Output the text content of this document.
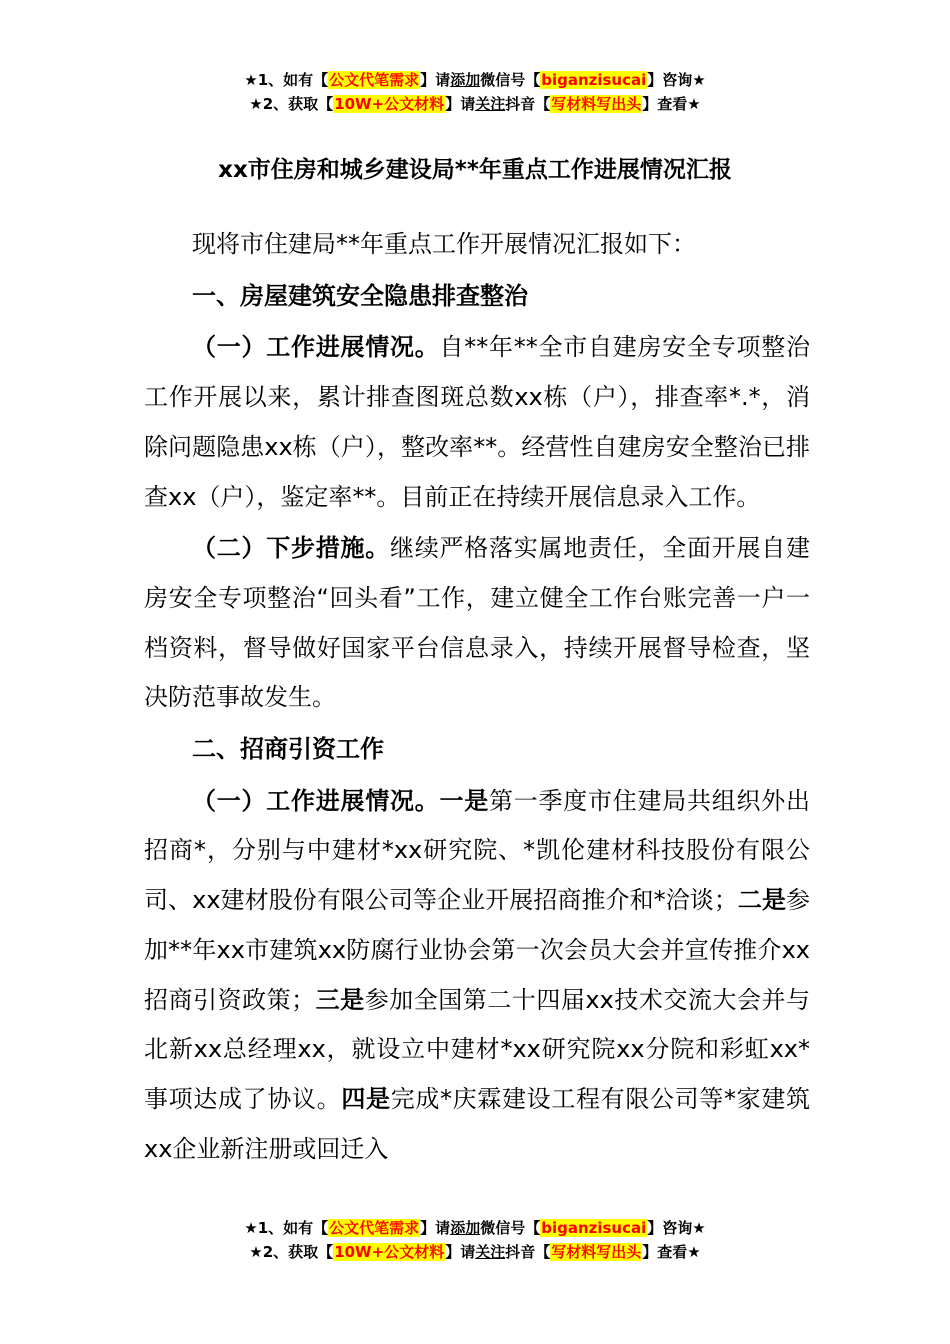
★1、如有【公文代笔需求】请添加微信号【biganzisucai】咨询★
★2、获取【10W+公文材料】请关注抖音【写材料写出头】查看★
xx市住房和城乡建设局**年重点工作进展情况汇报

现将市住建局**年重点工作开展情况汇报如下：

一、房屋建筑安全隐患排查整治

（一）工作进展情况。自**年**全市自建房安全专项整治工作开展以来，累计排查图斑总数xx栋（户），排查率*.*，消除问题隐患xx栋（户），整改率**。经营性自建房安全整治已排查xx（户），鉴定率**。目前正在持续开展信息录入工作。

（二）下步措施。继续严格落实属地责任，全面开展自建房安全专项整治“回头看”工作，建立健全工作台账完善一户一档资料，督导做好国家平台信息录入，持续开展督导检查，坚决防范事故发生。

二、招商引资工作

（一）工作进展情况。一是第一季度市住建局共组织外出招商*，分别与中建材*xx研究院、*凯伦建材科技股份有限公司、xx建材股份有限公司等企业开展招商推介和*洽谈；二是参加**年xx市建筑xx防腐行业协会第一次会员大会并宣传推介xx招商引资政策；三是参加全国第二十四届xx技术交流大会并与北新xx总经理xx，就设立中建材*xx研究院xx分院和彩虹xx*事项达成了协议。四是完成*庆霖建设工程有限公司等*家建筑xx企业新注册或回迁入

★1、如有【公文代笔需求】请添加微信号【biganzisucai】咨询★
★2、获取【10W+公文材料】请关注抖音【写材料写出头】查看★
